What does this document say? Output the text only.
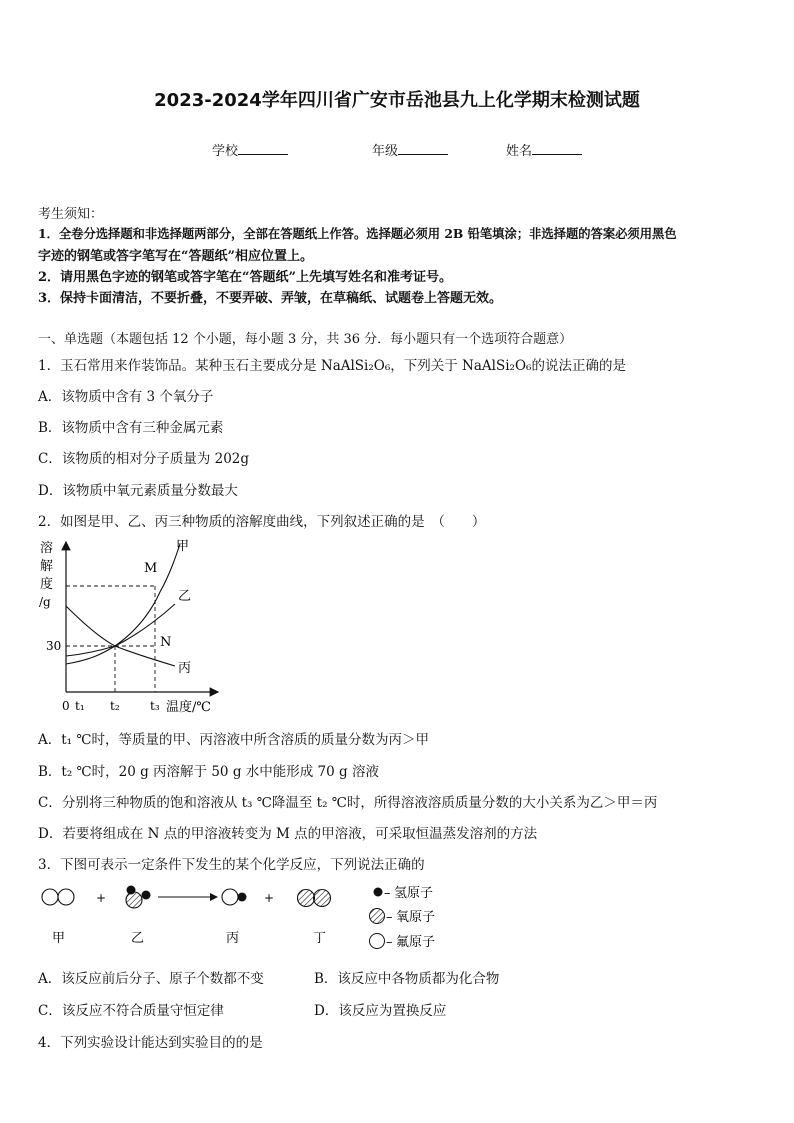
2023-2024学年四川省广安市岳池县九上化学期末检测试题
学校	年级	姓名
考生须知：
1．全卷分选择题和非选择题两部分，全部在答题纸上作答。选择题必须用 2B 铅笔填涂；非选择题的答案必须用黑色
字迹的钢笔或答字笔写在“答题纸”相应位置上。
2．请用黑色字迹的钢笔或答字笔在“答题纸”上先填写姓名和准考证号。
3．保持卡面清洁，不要折叠，不要弄破、弄皱，在草稿纸、试题卷上答题无效。
一、单选题（本题包括 12 个小题，每小题 3 分，共 36 分．每小题只有一个选项符合题意）
1．玉石常用来作装饰品。某种玉石主要成分是 NaAlSi₂O₆，下列关于 NaAlSi₂O₆的说法正确的是
A．该物质中含有 3 个氧分子
B．该物质中含有三种金属元素
C．该物质的相对分子质量为 202g
D．该物质中氧元素质量分数最大
2．如图是甲、乙、丙三种物质的溶解度曲线，下列叙述正确的是　（　　）
溶
解
度
/g
甲
M
乙
N
丙
30
0 t₁ t₂	t₃ 温度/℃
A．t₁ ℃时，等质量的甲、丙溶液中所含溶质的质量分数为丙＞甲
B．t₂ ℃时，20 g 丙溶解于 50 g 水中能形成 70 g 溶液
C．分别将三种物质的饱和溶液从 t₃ ℃降温至 t₂ ℃时，所得溶液溶质质量分数的大小关系为乙＞甲＝丙
D．若要将组成在 N 点的甲溶液转变为 M 点的甲溶液，可采取恒温蒸发溶剂的方法
3．下图可表示一定条件下发生的某个化学反应，下列说法正确的
+	+
甲	乙	丙	丁
– 氢原子
– 氧原子
– 氟原子
A．该反应前后分子、原子个数都不变	B．该反应中各物质都为化合物
C．该反应不符合质量守恒定律	D．该反应为置换反应
4．下列实验设计能达到实验目的的是
